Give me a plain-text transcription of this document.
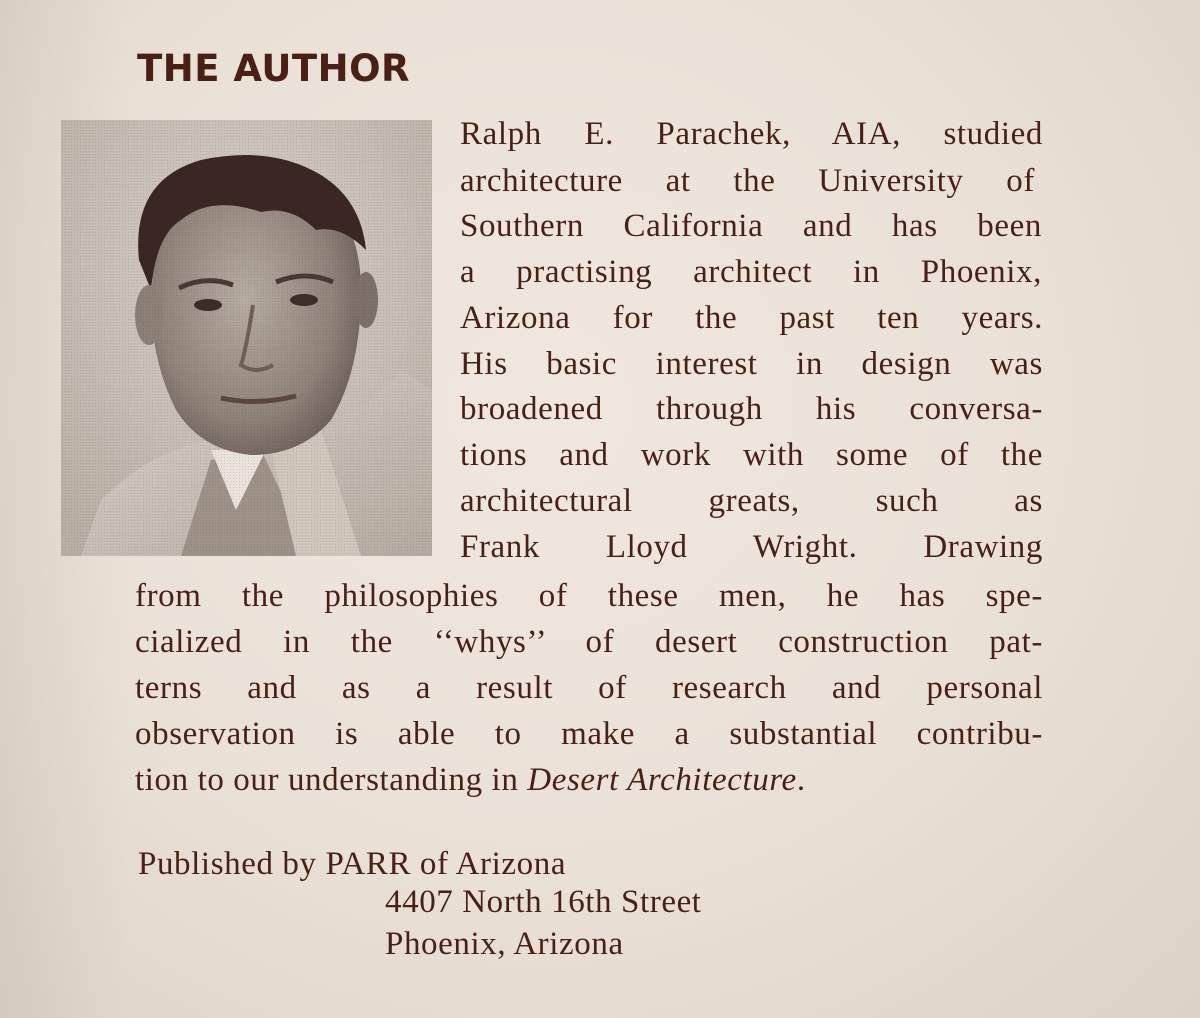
THE AUTHOR

Ralph E. Parachek, AIA, studied

architecture at the University of

Southern California and has been

a practising architect in Phoenix,

Arizona for the past ten years.

His basic interest in design was

broadened through his conversa-

tions and work with some of the

architectural greats, such as

Frank Lloyd Wright. Drawing

from the philosophies of these men, he has spe-

cialized in the ‘‘whys’’ of desert construction pat-

terns and as a result of research and personal

observation is able to make a substantial contribu-

tion to our understanding in Desert Architecture.

Published by PARR of Arizona

4407 North 16th Street

Phoenix, Arizona
